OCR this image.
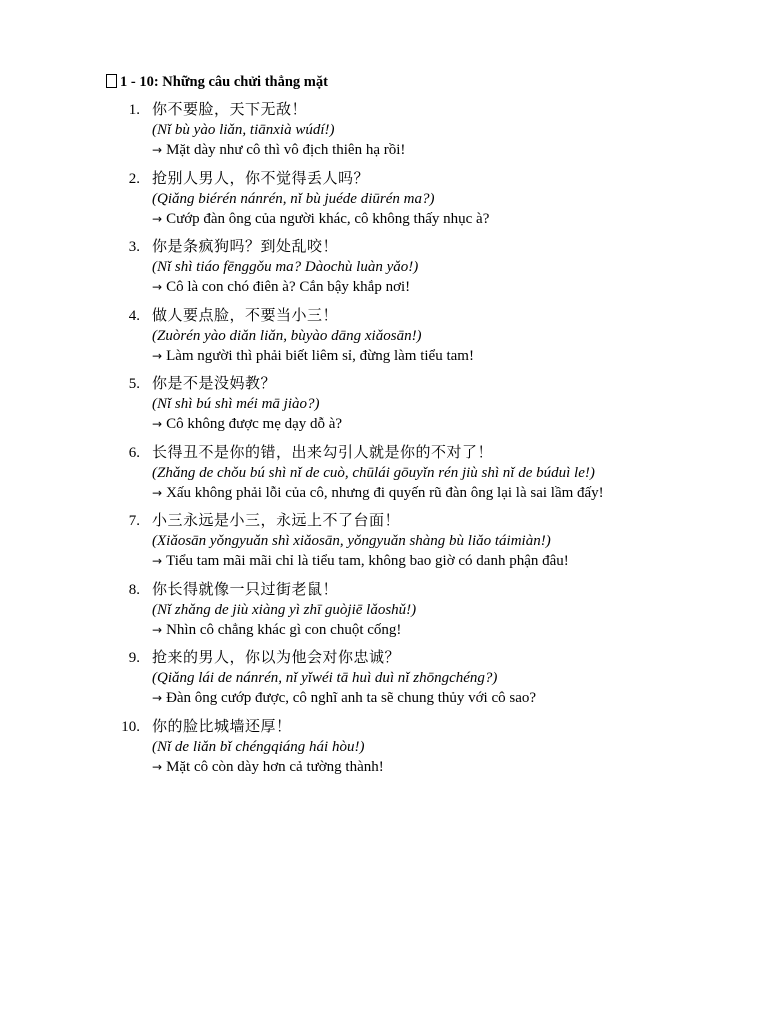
1 - 10: Những câu chửi thẳng mặt
1. 你不要脸，天下无敌！
(Nǐ bù yào liǎn, tiānxià wúdí!)
→ Mặt dày như cô thì vô địch thiên hạ rồi!
2. 抢别人男人，你不觉得丢人吗？
(Qiǎng biérén nánrén, nǐ bù juéde diūrén ma?)
→ Cướp đàn ông của người khác, cô không thấy nhục à?
3. 你是条疯狗吗？到处乱咬！
(Nǐ shì tiáo fēnggǒu ma? Dàochù luàn yǎo!)
→ Cô là con chó điên à? Cắn bậy khắp nơi!
4. 做人要点脸，不要当小三！
(Zuòrén yào diǎn liǎn, bùyào dāng xiǎosān!)
→ Làm người thì phải biết liêm sỉ, đừng làm tiểu tam!
5. 你是不是没妈教？
(Nǐ shì bú shì méi mā jiào?)
→ Cô không được mẹ dạy dỗ à?
6. 长得丑不是你的错，出来勾引人就是你的不对了！
(Zhǎng de chǒu bú shì nǐ de cuò, chūlái gōuyǐn rén jiù shì nǐ de búduì le!)
→ Xấu không phải lỗi của cô, nhưng đi quyến rũ đàn ông lại là sai lầm đấy!
7. 小三永远是小三，永远上不了台面！
(Xiǎosān yǒngyuǎn shì xiǎosān, yǒngyuǎn shàng bù liǎo táimiàn!)
→ Tiểu tam mãi mãi chỉ là tiểu tam, không bao giờ có danh phận đâu!
8. 你长得就像一只过街老鼠！
(Nǐ zhǎng de jiù xiàng yì zhī guòjiē lǎoshǔ!)
→ Nhìn cô chẳng khác gì con chuột cống!
9. 抢来的男人，你以为他会对你忠诚？
(Qiǎng lái de nánrén, nǐ yǐwéi tā huì duì nǐ zhōngchéng?)
→ Đàn ông cướp được, cô nghĩ anh ta sẽ chung thủy với cô sao?
10. 你的脸比城墙还厚！
(Nǐ de liǎn bǐ chéngqiáng hái hòu!)
→ Mặt cô còn dày hơn cả tường thành!
